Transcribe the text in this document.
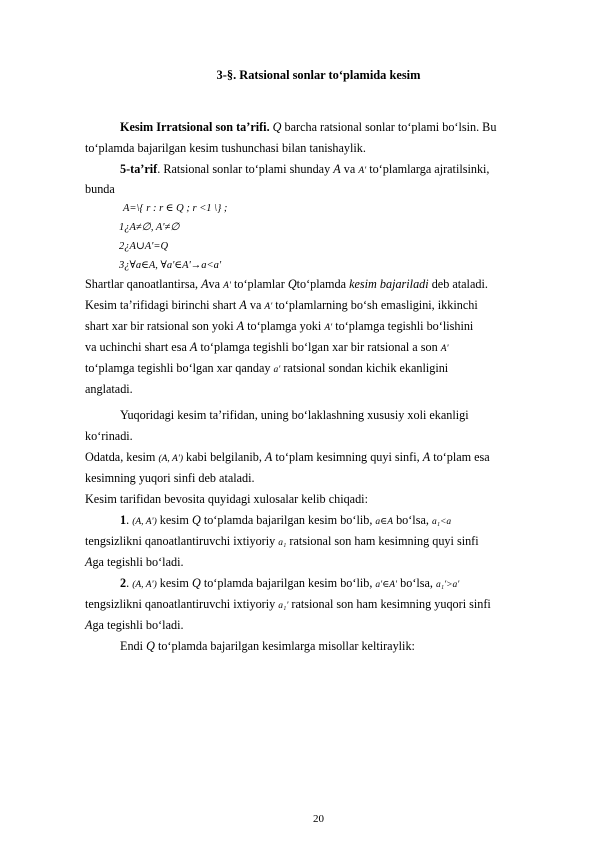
3-§. Ratsional sonlar to‘plamida kesim
Kesim Irratsional son ta’rifi. Q barcha ratsional sonlar to‘plami bo‘lsin. Bu
to‘plamda bajarilgan kesim tushunchasi bilan tanishaylik.
5-ta’rif. Ratsional sonlar to‘plami shunday A va A' to‘plamlarga ajratilsinki,
bunda
A=\{ r : r ∈ Q ; r <1 \} ;
1¿A≠∅, A'≠∅
2¿A∪A'=Q
3¿∀a∈A, ∀a'∈A'→a<a'
Shartlar qanoatlantirsa, Ava A' to‘plamlar Qto‘plamda kesim bajariladi deb ataladi.
Kesim ta’rifidagi birinchi shart A va A' to‘plamlarning bo‘sh emasligini, ikkinchi
shart xar bir ratsional son yoki A to‘plamga yoki A' to‘plamga tegishli bo‘lishini
va uchinchi shart esa A to‘plamga tegishli bo‘lgan xar bir ratsional a son A'
to‘plamga tegishli bo‘lgan xar qanday a' ratsional sondan kichik ekanligini
anglatadi.
Yuqoridagi kesim ta’rifidan, uning bo‘laklashning xususiy xoli ekanligi
ko‘rinadi.
Odatda, kesim (A, A') kabi belgilanib, A to‘plam kesimning quyi sinfi, A to‘plam esa
kesimning yuqori sinfi deb ataladi.
Kesim tarifidan bevosita quyidagi xulosalar kelib chiqadi:
1. (A, A') kesim Q to‘plamda bajarilgan kesim bo‘lib, a∈A bo‘lsa, a₁<a
tengsizlikni qanoatlantiruvchi ixtiyoriy a₁ ratsional son ham kesimning quyi sinfi
Aga tegishli bo‘ladi.
2. (A, A') kesim Q to‘plamda bajarilgan kesim bo‘lib, a'∈A' bo‘lsa, a₁'>a'
tengsizlikni qanoatlantiruvchi ixtiyoriy a₁' ratsional son ham kesimning yuqori sinfi
Aga tegishli bo‘ladi.
Endi Q to‘plamda bajarilgan kesimlarga misollar keltiraylik:
20
